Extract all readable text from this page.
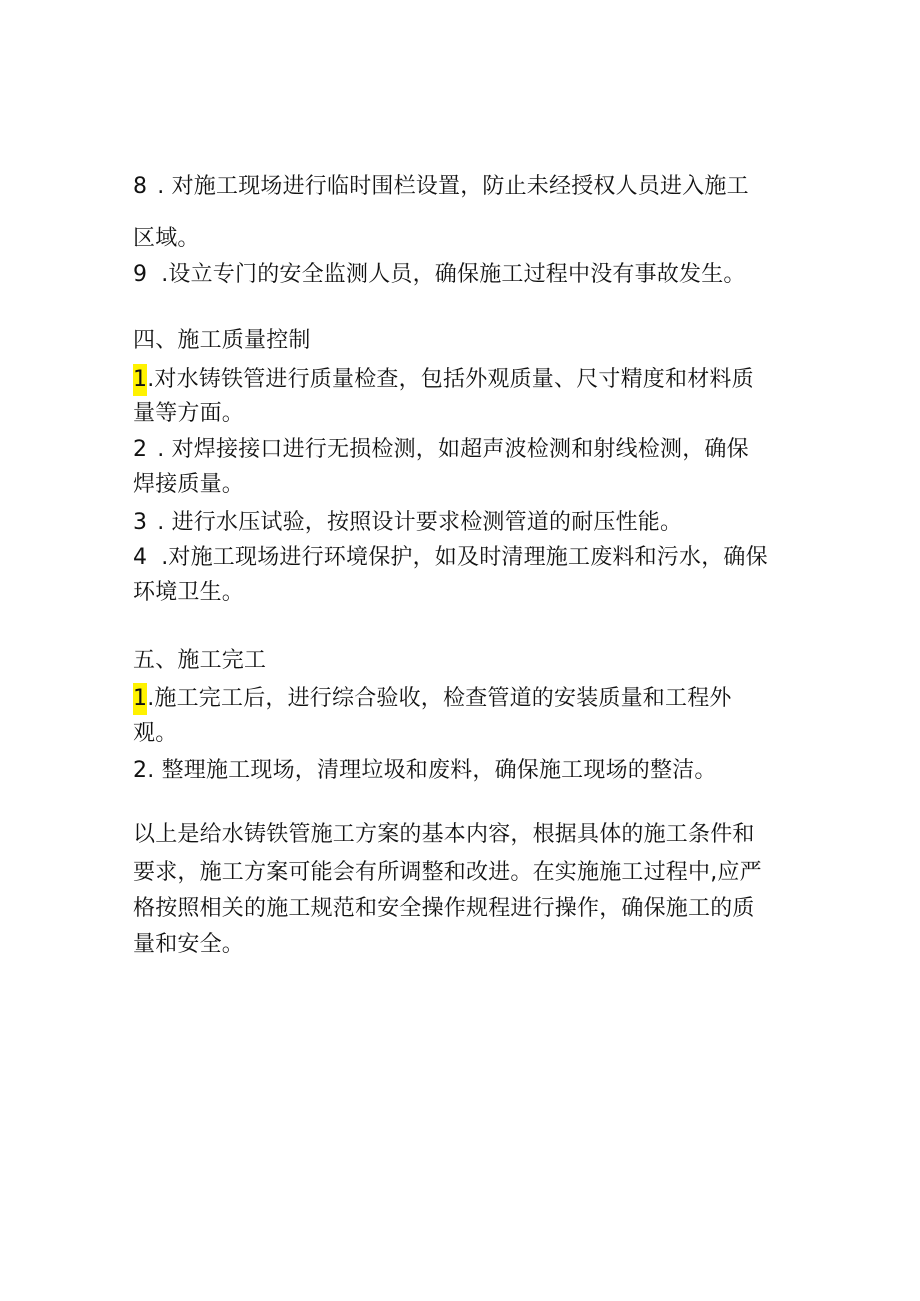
8 . 对施工现场进行临时围栏设置，防止未经授权人员进入施工
区域。
9 .设立专门的安全监测人员，确保施工过程中没有事故发生。
四、施工质量控制
1.对水铸铁管进行质量检查，包括外观质量、尺寸精度和材料质
量等方面。
2 . 对焊接接口进行无损检测，如超声波检测和射线检测，确保
焊接质量。
3 . 进行水压试验，按照设计要求检测管道的耐压性能。
4 .对施工现场进行环境保护，如及时清理施工废料和污水，确保
环境卫生。
五、施工完工
1.施工完工后，进行综合验收，检查管道的安装质量和工程外
观。
2. 整理施工现场，清理垃圾和废料，确保施工现场的整洁。
以上是给水铸铁管施工方案的基本内容，根据具体的施工条件和
要求，施工方案可能会有所调整和改进。在实施施工过程中,应严
格按照相关的施工规范和安全操作规程进行操作，确保施工的质
量和安全。
